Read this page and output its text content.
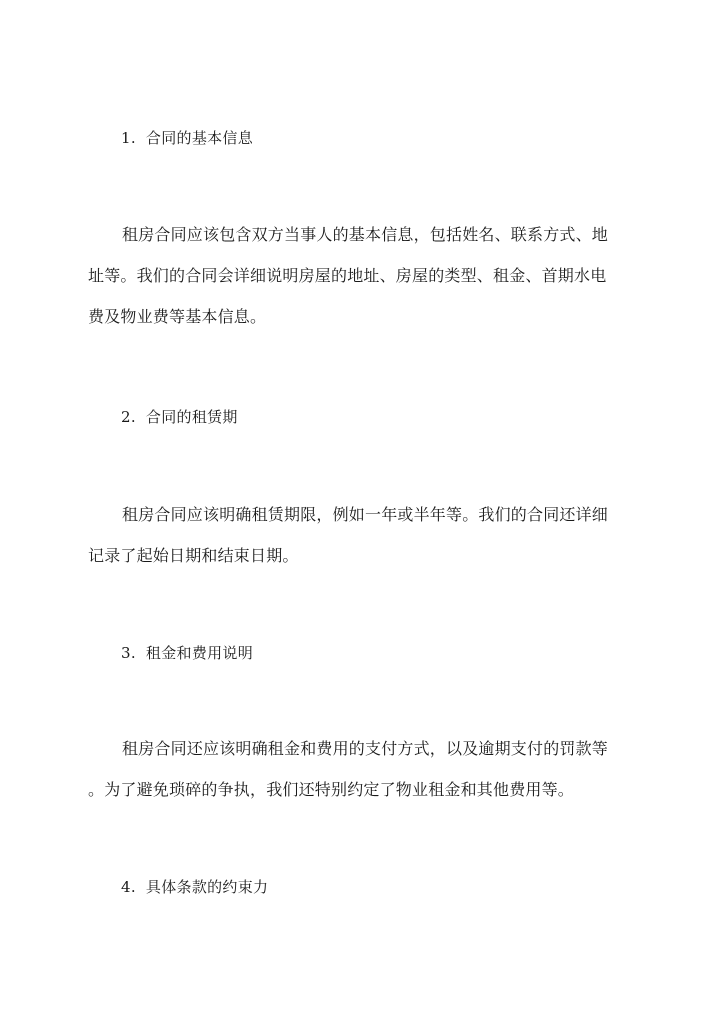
1. 合同的基本信息
租房合同应该包含双方当事人的基本信息，包括姓名、联系方式、地
址等。我们的合同会详细说明房屋的地址、房屋的类型、租金、首期水电
费及物业费等基本信息。
2. 合同的租赁期
租房合同应该明确租赁期限，例如一年或半年等。我们的合同还详细
记录了起始日期和结束日期。
3. 租金和费用说明
租房合同还应该明确租金和费用的支付方式，以及逾期支付的罚款等
。为了避免琐碎的争执，我们还特别约定了物业租金和其他费用等。
4. 具体条款的约束力
